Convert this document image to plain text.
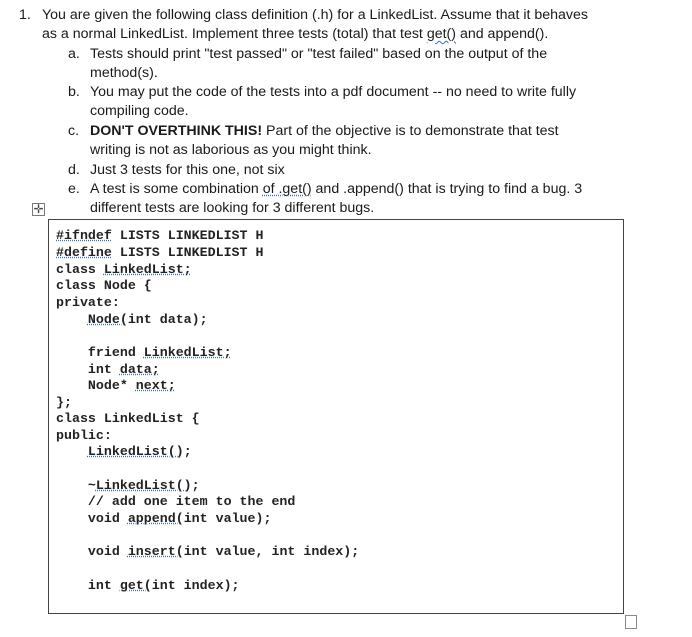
1. You are given the following class definition (.h) for a LinkedList. Assume that it behaves
as a normal LinkedList. Implement three tests (total) that test get() and append().
a. Tests should print "test passed" or "test failed" based on the output of the
method(s).
b. You may put the code of the tests into a pdf document -- no need to write fully
compiling code.
c. DON'T OVERTHINK THIS! Part of the objective is to demonstrate that test
writing is not as laborious as you might think.
d. Just 3 tests for this one, not six
e. A test is some combination of .get() and .append() that is trying to find a bug. 3
different tests are looking for 3 different bugs.
✛
#ifndef LISTS LINKEDLIST H
#define LISTS LINKEDLIST H
class LinkedList;
class Node {
private:
Node(int data);
friend LinkedList;
int data;
Node* next;
};
class LinkedList {
public:
LinkedList();
~LinkedList();
// add one item to the end
void append(int value);
void insert(int value, int index);
int get(int index);
